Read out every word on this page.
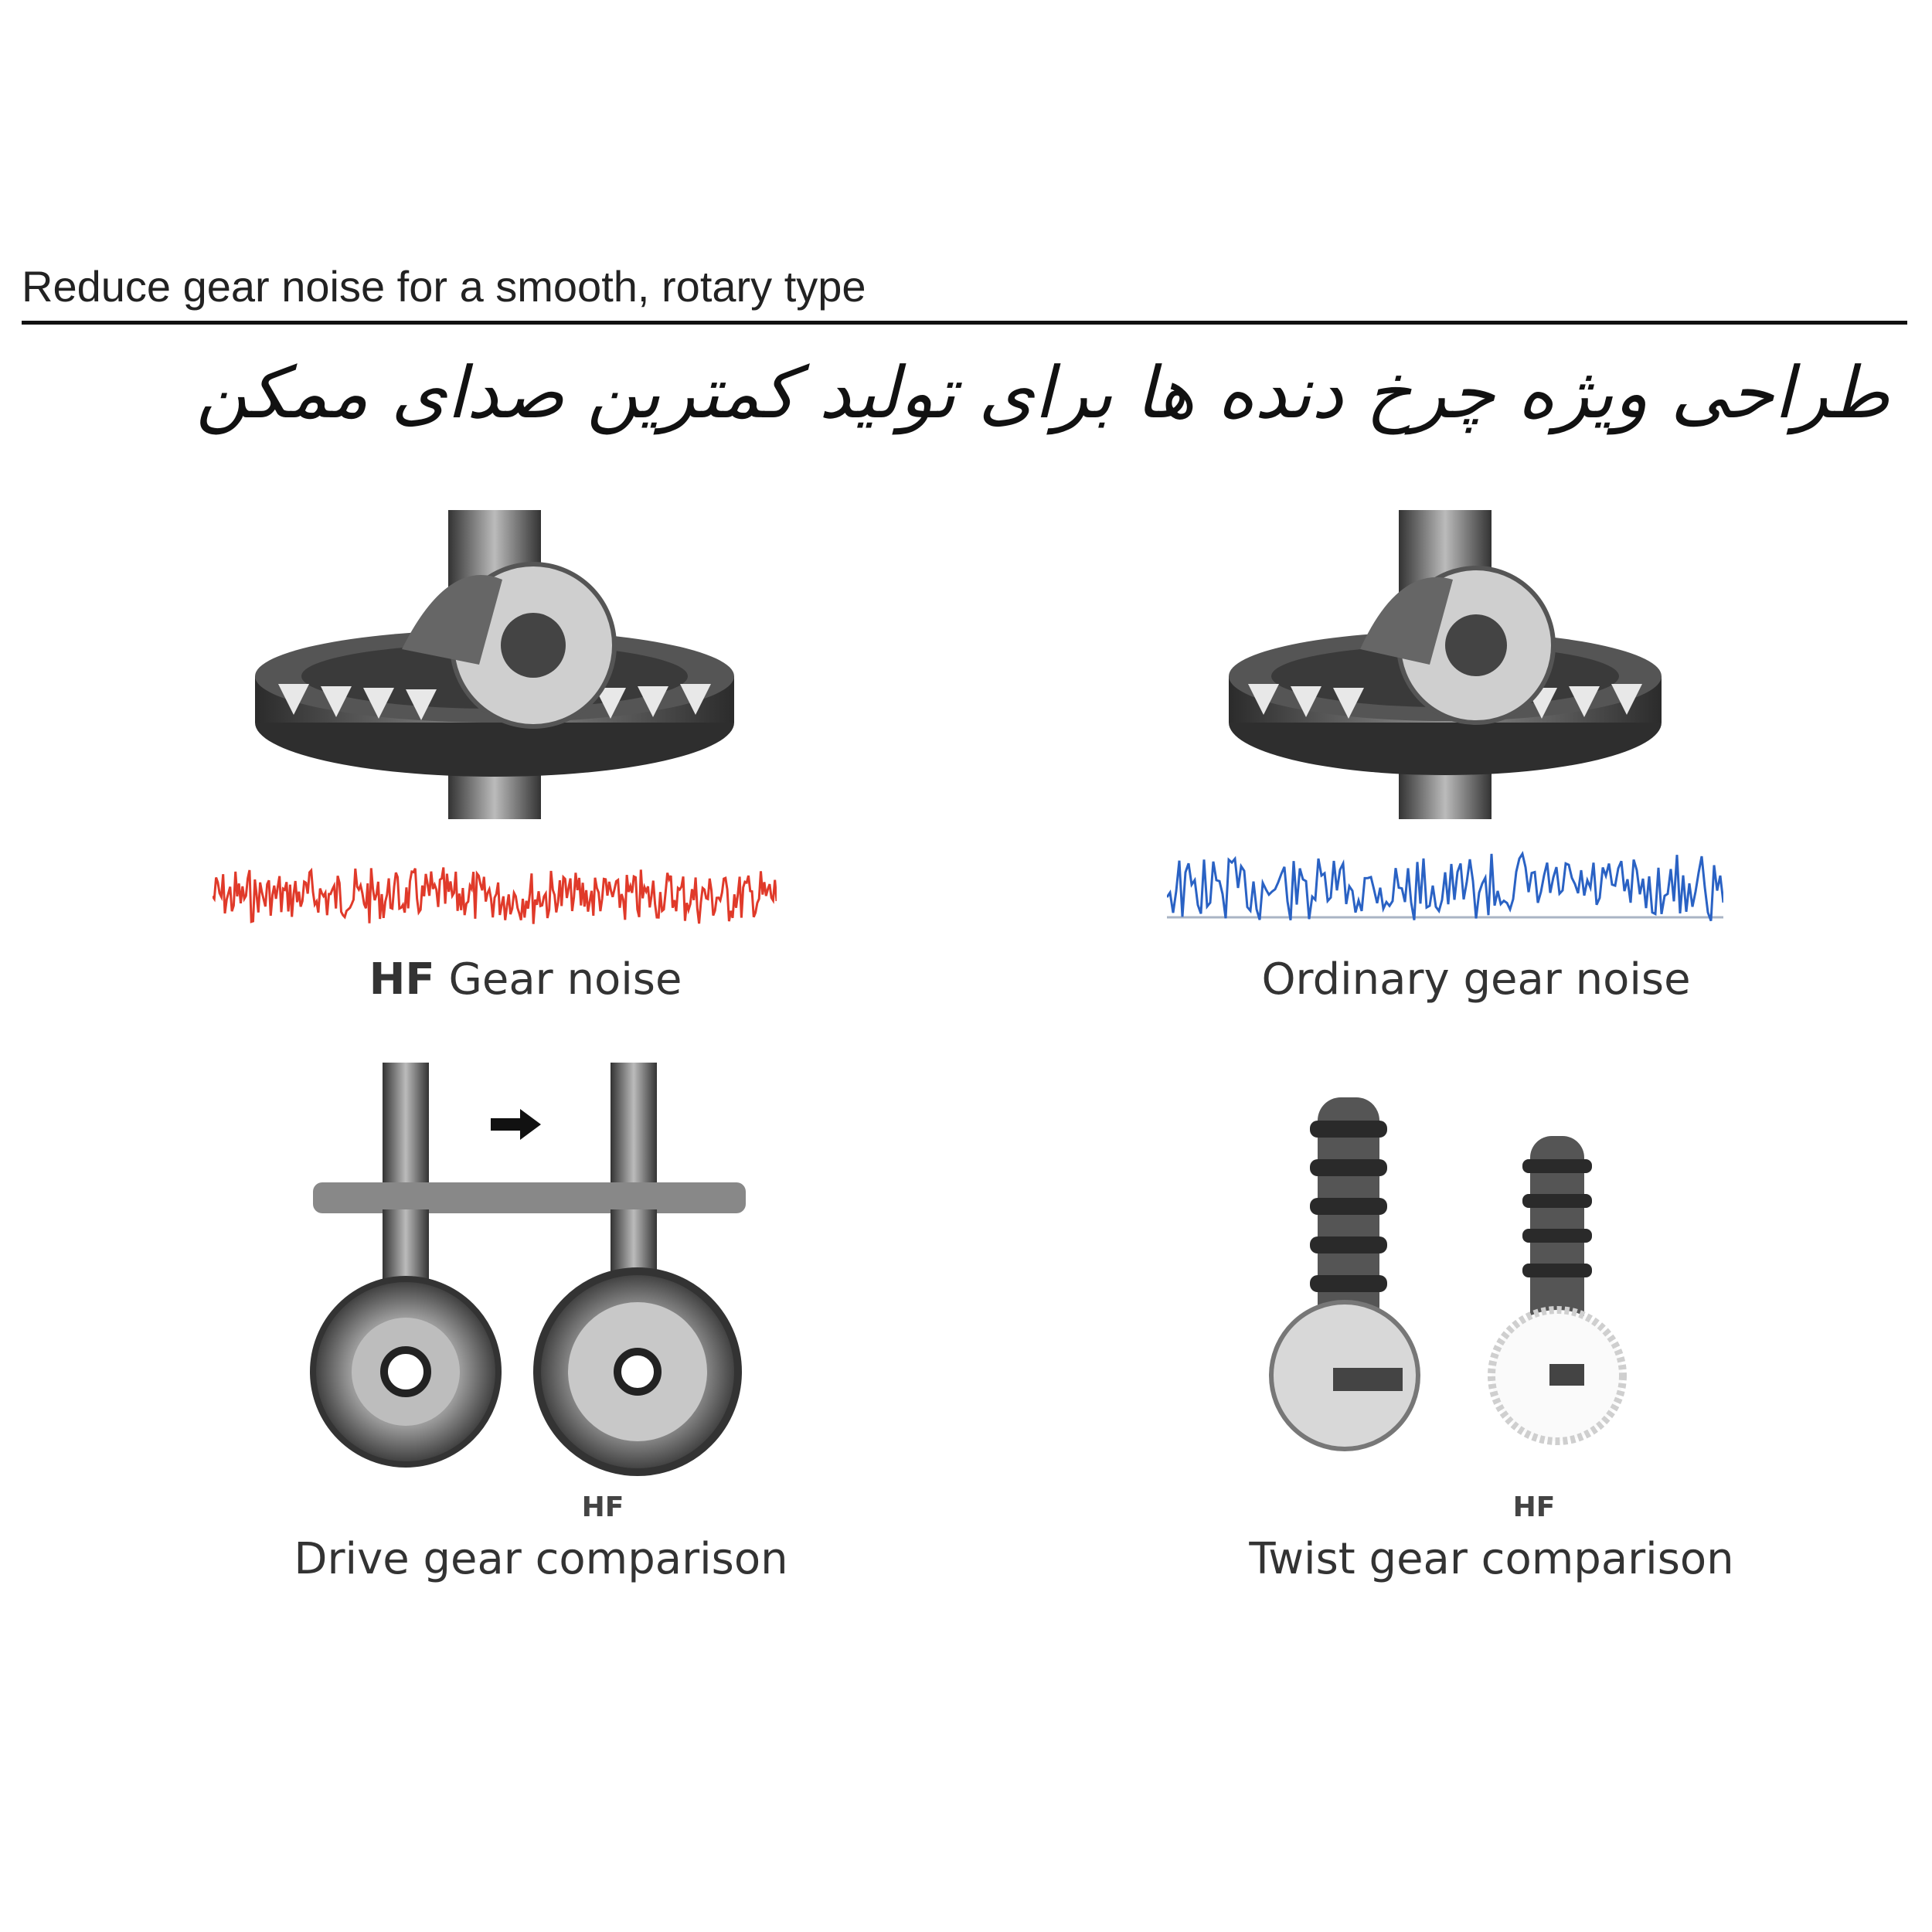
Reduce gear noise for a smooth, rotary type
طراحی ویژه چرخ دنده ها برای تولید کمترین صدای ممکن
HF Gear noise	Ordinary gear noise
HF
Drive gear comparison
HF
Twist gear comparison
